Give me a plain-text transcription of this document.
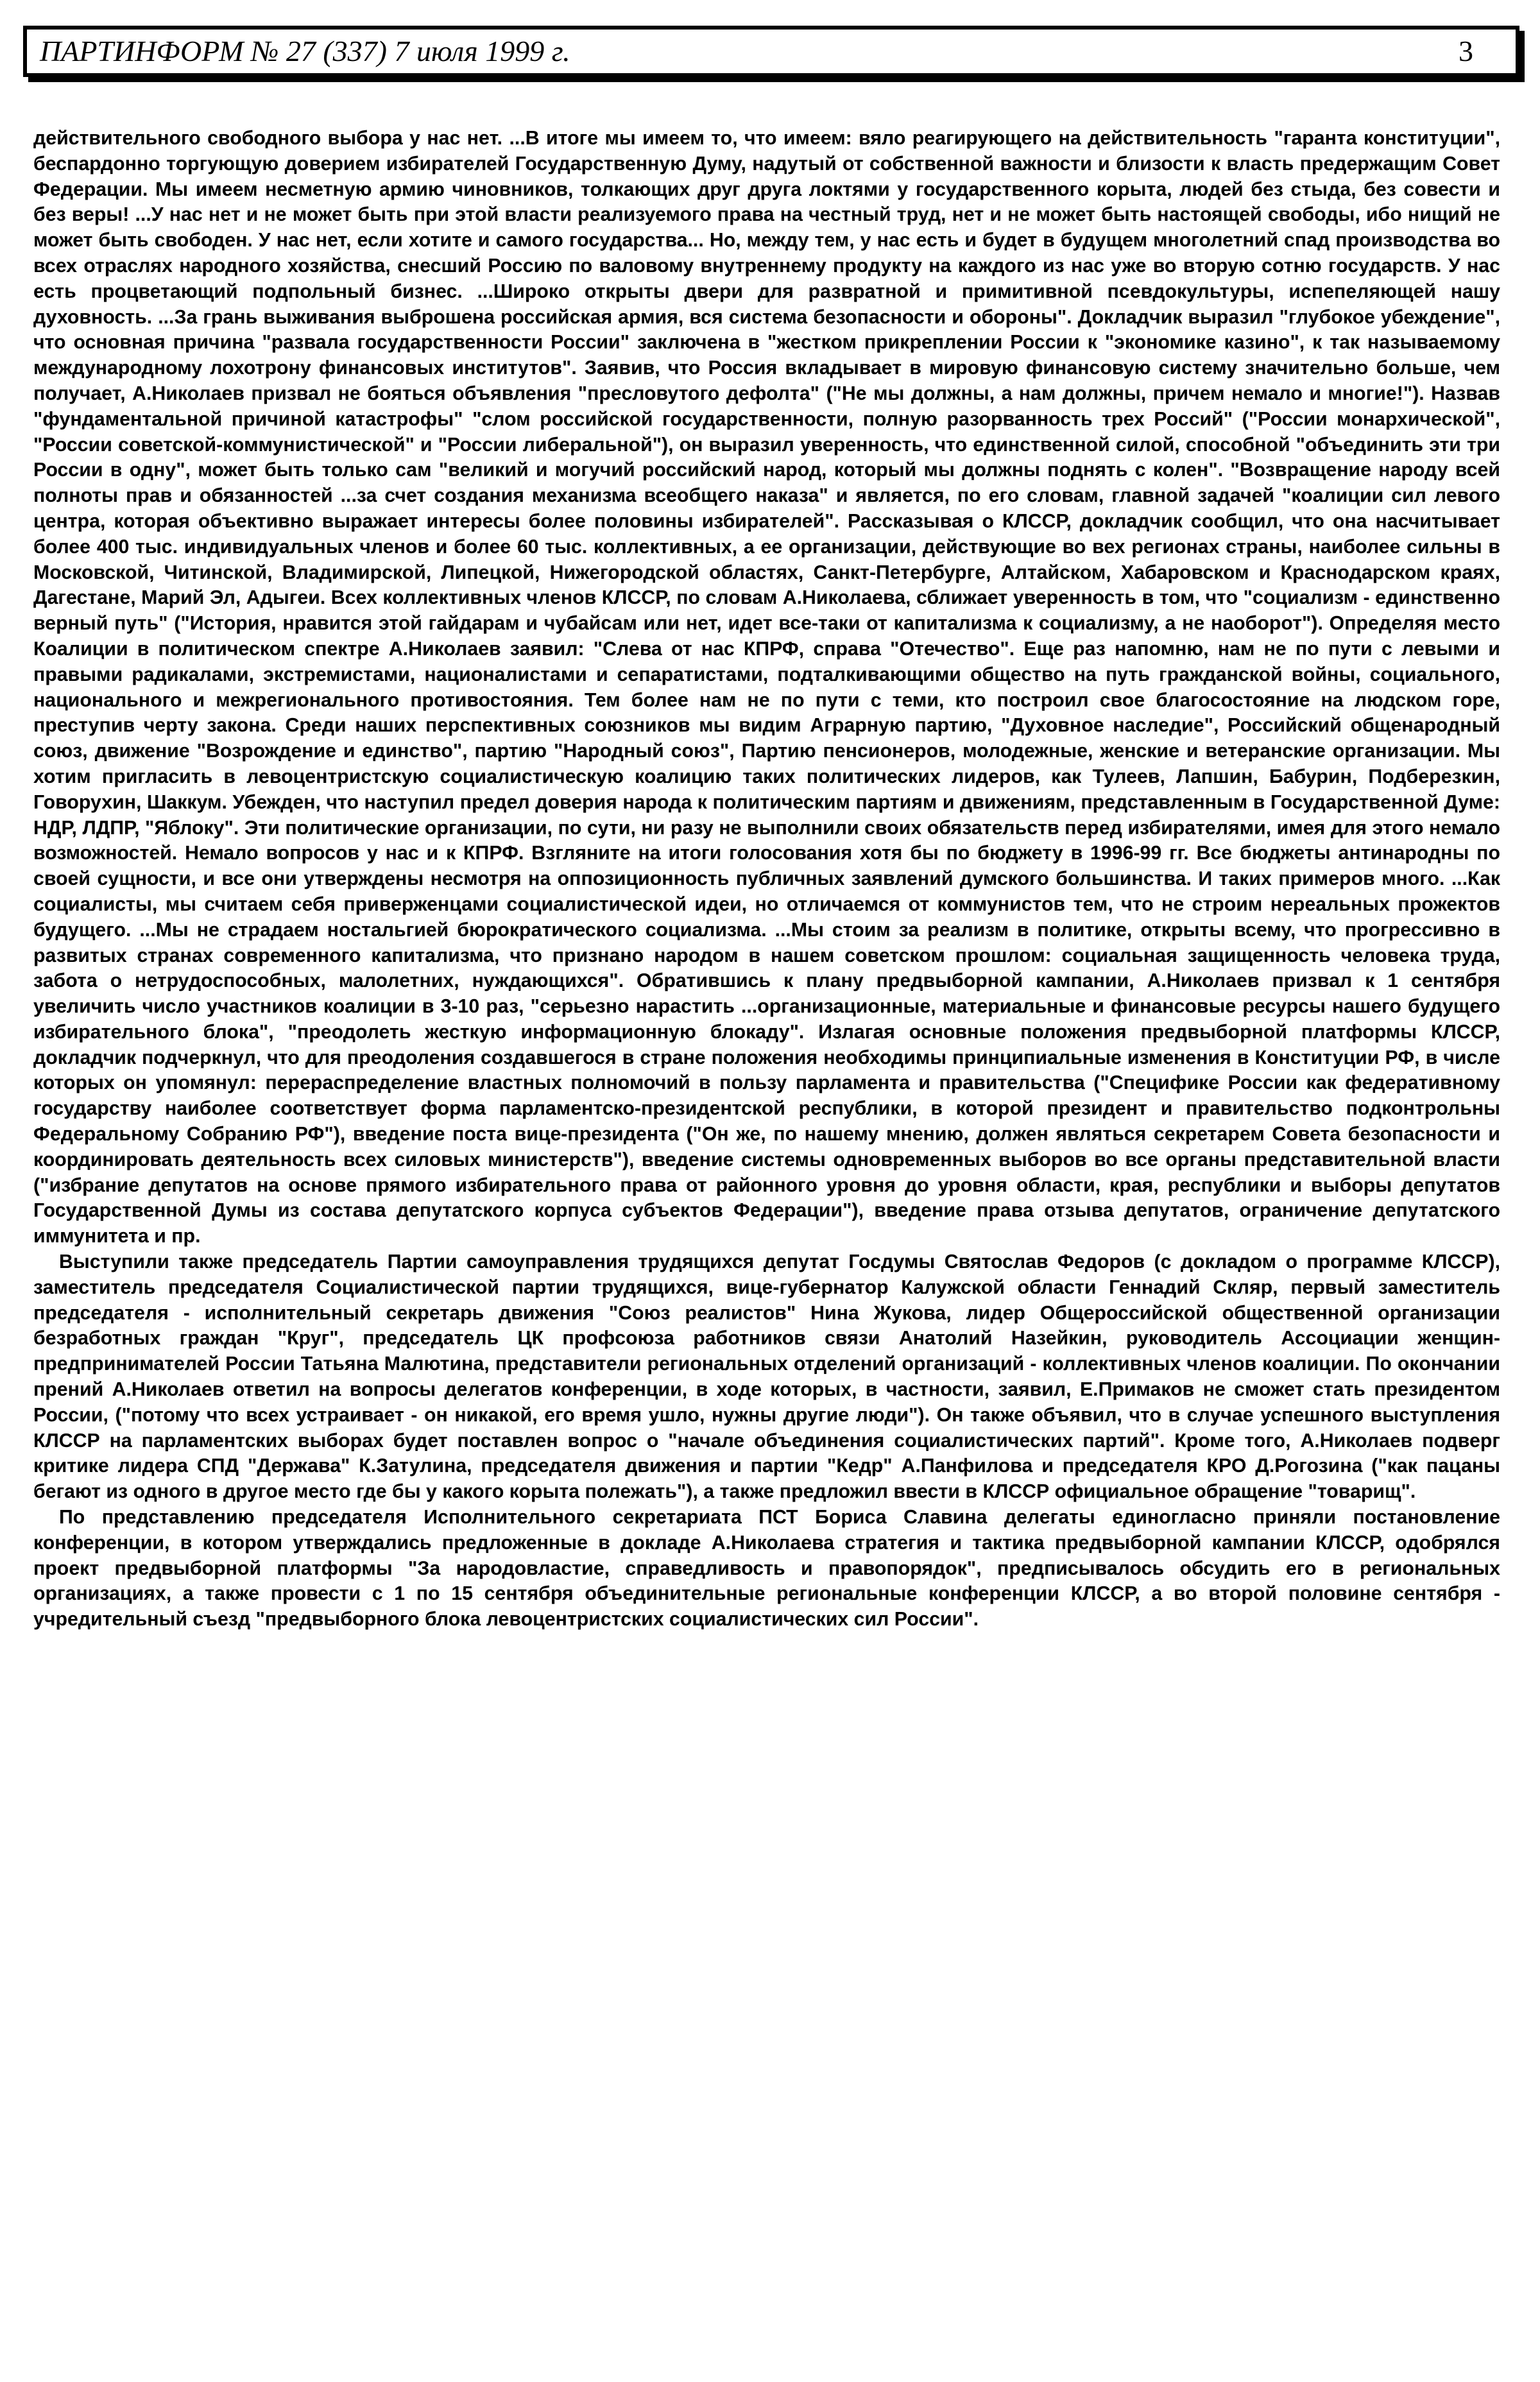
ПАРТИНФОРМ № 27 (337) 7 июля 1999 г.	3

действительного свободного выбора у нас нет. ...В итоге мы имеем то, что имеем: вяло реагирующего на действительность "гаранта конституции", беспардонно торгующую доверием избирателей Государственную Думу, надутый от собственной важности и близости к власть предержащим Совет Федерации. Мы имеем несметную армию чиновников, толкающих друг друга локтями у государственного корыта, людей без стыда, без совести и без веры! ...У нас нет и не может быть при этой власти реализуемого права на честный труд, нет и не может быть настоящей свободы, ибо нищий не может быть свободен. У нас нет, если хотите и самого государства... Но, между тем, у нас есть и будет в будущем многолетний спад производства во всех отраслях народного хозяйства, снесший Россию по валовому внутреннему продукту на каждого из нас уже во вторую сотню государств. У нас есть процветающий подпольный бизнес. ...Широко открыты двери для развратной и примитивной псевдокультуры, испепеляющей нашу духовность. ...За грань выживания выброшена российская армия, вся система безопасности и обороны". Докладчик выразил "глубокое убеждение", что основная причина "развала государственности России" заключена в "жестком прикреплении России к "экономике казино", к так называемому международному лохотрону финансовых институтов". Заявив, что Россия вкладывает в мировую финансовую систему значительно больше, чем получает, А.Николаев призвал не бояться объявления "пресловутого дефолта" ("Не мы должны, а нам должны, причем немало и многие!"). Назвав "фундаментальной причиной катастрофы" "слом российской государственности, полную разорванность трех Россий" ("России монархической", "России советской-коммунистической" и "России либеральной"), он выразил уверенность, что единственной силой, способной "объединить эти три России в одну", может быть только сам "великий и могучий российский народ, который мы должны поднять с колен". "Возвращение народу всей полноты прав и обязанностей ...за счет создания механизма всеобщего наказа" и является, по его словам, главной задачей "коалиции сил левого центра, которая объективно выражает интересы более половины избирателей". Рассказывая о КЛССР, докладчик сообщил, что она насчитывает более 400 тыс. индивидуальных членов и более 60 тыс. коллективных, а ее организации, действующие во вех регионах страны, наиболее сильны в Московской, Читинской, Владимирской, Липецкой, Нижегородской областях, Санкт-Петербурге, Алтайском, Хабаровском и Краснодарском краях, Дагестане, Марий Эл, Адыгеи. Всех коллективных членов КЛССР, по словам А.Николаева, сближает уверенность в том, что "социализм - единственно верный путь" ("История, нравится этой гайдарам и чубайсам или нет, идет все-таки от капитализма к социализму, а не наоборот"). Определяя место Коалиции в политическом спектре А.Николаев заявил: "Слева от нас КПРФ, справа "Отечество". Еще раз напомню, нам не по пути с левыми и правыми радикалами, экстремистами, националистами и сепаратистами, подталкивающими общество на путь гражданской войны, социального, национального и межрегионального противостояния. Тем более нам не по пути с теми, кто построил свое благосостояние на людском горе, преступив черту закона. Среди наших перспективных союзников мы видим Аграрную партию, "Духовное наследие", Российский общенародный союз, движение "Возрождение и единство", партию "Народный союз", Партию пенсионеров, молодежные, женские и ветеранские организации. Мы хотим пригласить в левоцентристскую социалистическую коалицию таких политических лидеров, как Тулеев, Лапшин, Бабурин, Подберезкин, Говорухин, Шаккум. Убежден, что наступил предел доверия народа к политическим партиям и движениям, представленным в Государственной Думе: НДР, ЛДПР, "Яблоку". Эти политические организации, по сути, ни разу не выполнили своих обязательств перед избирателями, имея для этого немало возможностей. Немало вопросов у нас и к КПРФ. Взгляните на итоги голосования хотя бы по бюджету в 1996-99 гг. Все бюджеты антинародны по своей сущности, и все они утверждены несмотря на оппозиционность публичных заявлений думского большинства. И таких примеров много. ...Как социалисты, мы считаем себя приверженцами социалистической идеи, но отличаемся от коммунистов тем, что не строим нереальных прожектов будущего. ...Мы не страдаем ностальгией бюрократического социализма. ...Мы стоим за реализм в политике, открыты всему, что прогрессивно в развитых странах современного капитализма, что признано народом в нашем советском прошлом: социальная защищенность человека труда, забота о нетрудоспособных, малолетних, нуждающихся". Обратившись к плану предвыборной кампании, А.Николаев призвал к 1 сентября увеличить число участников коалиции в 3-10 раз, "серьезно нарастить ...организационные, материальные и финансовые ресурсы нашего будущего избирательного блока", "преодолеть жесткую информационную блокаду". Излагая основные положения предвыборной платформы КЛССР, докладчик подчеркнул, что для преодоления создавшегося в стране положения необходимы принципиальные изменения в Конституции РФ, в числе которых он упомянул: перераспределение властных полномочий в пользу парламента и правительства ("Специфике России как федеративному государству наиболее соответствует форма парламентско-президентской республики, в которой президент и правительство подконтрольны Федеральному Собранию РФ"), введение поста вице-президента ("Он же, по нашему мнению, должен являться секретарем Совета безопасности и координировать деятельность всех силовых министерств"), введение системы одновременных выборов во все органы представительной власти ("избрание депутатов на основе прямого избирательного права от районного уровня до уровня области, края, республики и выборы депутатов Государственной Думы из состава депутатского корпуса субъектов Федерации"), введение права отзыва депутатов, ограничение депутатского иммунитета и пр.

Выступили также председатель Партии самоуправления трудящихся депутат Госдумы Святослав Федоров (с докладом о программе КЛССР), заместитель председателя Социалистической партии трудящихся, вице-губернатор Калужской области Геннадий Скляр, первый заместитель председателя - исполнительный секретарь движения "Союз реалистов" Нина Жукова, лидер Общероссийской общественной организации безработных граждан "Круг", председатель ЦК профсоюза работников связи Анатолий Назейкин, руководитель Ассоциации женщин-предпринимателей России Татьяна Малютина, представители региональных отделений организаций - коллективных членов коалиции. По окончании прений А.Николаев ответил на вопросы делегатов конференции, в ходе которых, в частности, заявил, Е.Примаков не сможет стать президентом России, ("потому что всех устраивает - он никакой, его время ушло, нужны другие люди"). Он также объявил, что в случае успешного выступления КЛССР на парламентских выборах будет поставлен вопрос о "начале объединения социалистических партий". Кроме того, А.Николаев подверг критике лидера СПД "Держава" К.Затулина, председателя движения и партии "Кедр" А.Панфилова и председателя КРО Д.Рогозина ("как пацаны бегают из одного в другое место где бы у какого корыта полежать"), а также предложил ввести в КЛССР официальное обращение "товарищ".

По представлению председателя Исполнительного секретариата ПСТ Бориса Славина делегаты единогласно приняли постановление конференции, в котором утверждались предложенные в докладе А.Николаева стратегия и тактика предвыборной кампании КЛССР, одобрялся проект предвыборной платформы "За народовластие, справедливость и правопорядок", предписывалось обсудить его в региональных организациях, а также провести с 1 по 15 сентября объединительные региональные конференции КЛССР, а во второй половине сентября - учредительный съезд "предвыборного блока левоцентристских социалистических сил России".
